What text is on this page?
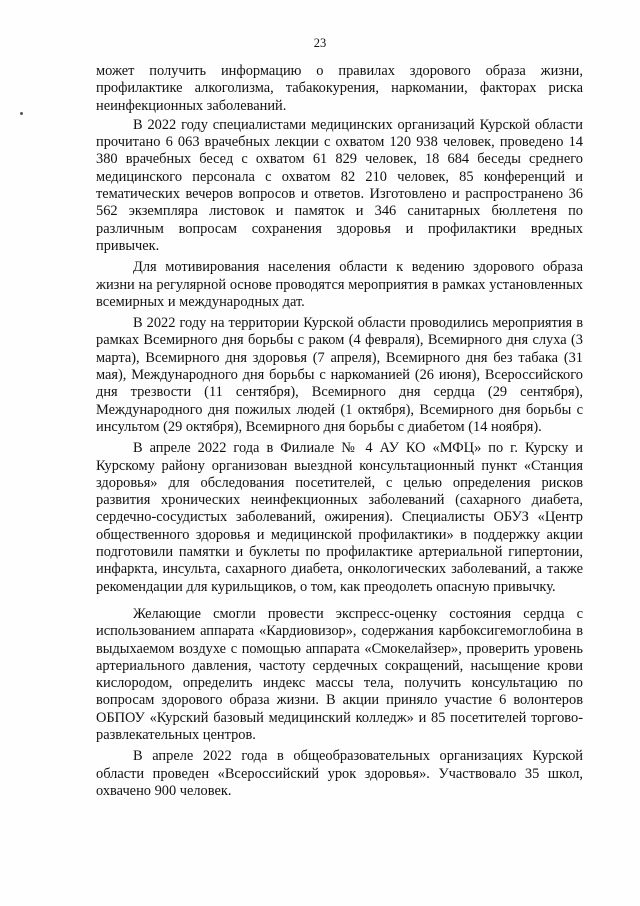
23

может получить информацию о правилах здорового образа жизни, профилактике алкоголизма, табакокурения, наркомании, факторах риска неинфекционных заболеваний.

В 2022 году специалистами медицинских организаций Курской области прочитано 6 063 врачебных лекции с охватом 120 938 человек, проведено 14 380 врачебных бесед с охватом 61 829 человек, 18 684 беседы среднего медицинского персонала с охватом 82 210 человек, 85 конференций и тематических вечеров вопросов и ответов. Изготовлено и распространено 36 562 экземпляра листовок и памяток и 346 санитарных бюллетеня по различным вопросам сохранения здоровья и профилактики вредных привычек.

Для мотивирования населения области к ведению здорового образа жизни на регулярной основе проводятся мероприятия в рамках установленных всемирных и международных дат.

В 2022 году на территории Курской области проводились мероприятия в рамках Всемирного дня борьбы с раком (4 февраля), Всемирного дня слуха (3 марта), Всемирного дня здоровья (7 апреля), Всемирного дня без табака (31 мая), Международного дня борьбы с наркоманией (26 июня), Всероссийского дня трезвости (11 сентября), Всемирного дня сердца (29 сентября), Международного дня пожилых людей (1 октября), Всемирного дня борьбы с инсультом (29 октября), Всемирного дня борьбы с диабетом (14 ноября).

В апреле 2022 года в Филиале № 4 АУ КО «МФЦ» по г. Курску и Курскому району организован выездной консультационный пункт «Станция здоровья» для обследования посетителей, с целью определения рисков развития хронических неинфекционных заболеваний (сахарного диабета, сердечно-сосудистых заболеваний, ожирения). Специалисты ОБУЗ «Центр общественного здоровья и медицинской профилактики» в поддержку акции подготовили памятки и буклеты по профилактике артериальной гипертонии, инфаркта, инсульта, сахарного диабета, онкологических заболеваний, а также рекомендации для курильщиков, о том, как преодолеть опасную привычку.

Желающие смогли провести экспресс-оценку состояния сердца с использованием аппарата «Кардиовизор», содержания карбоксигемоглобина в выдыхаемом воздухе с помощью аппарата «Смокелайзер», проверить уровень артериального давления, частоту сердечных сокращений, насыщение крови кислородом, определить индекс массы тела, получить консультацию по вопросам здорового образа жизни. В акции приняло участие 6 волонтеров ОБПОУ «Курский базовый медицинский колледж» и 85 посетителей торгово-развлекательных центров.

В апреле 2022 года в общеобразовательных организациях Курской области проведен «Всероссийский урок здоровья». Участвовало 35 школ, охвачено 900 человек.
